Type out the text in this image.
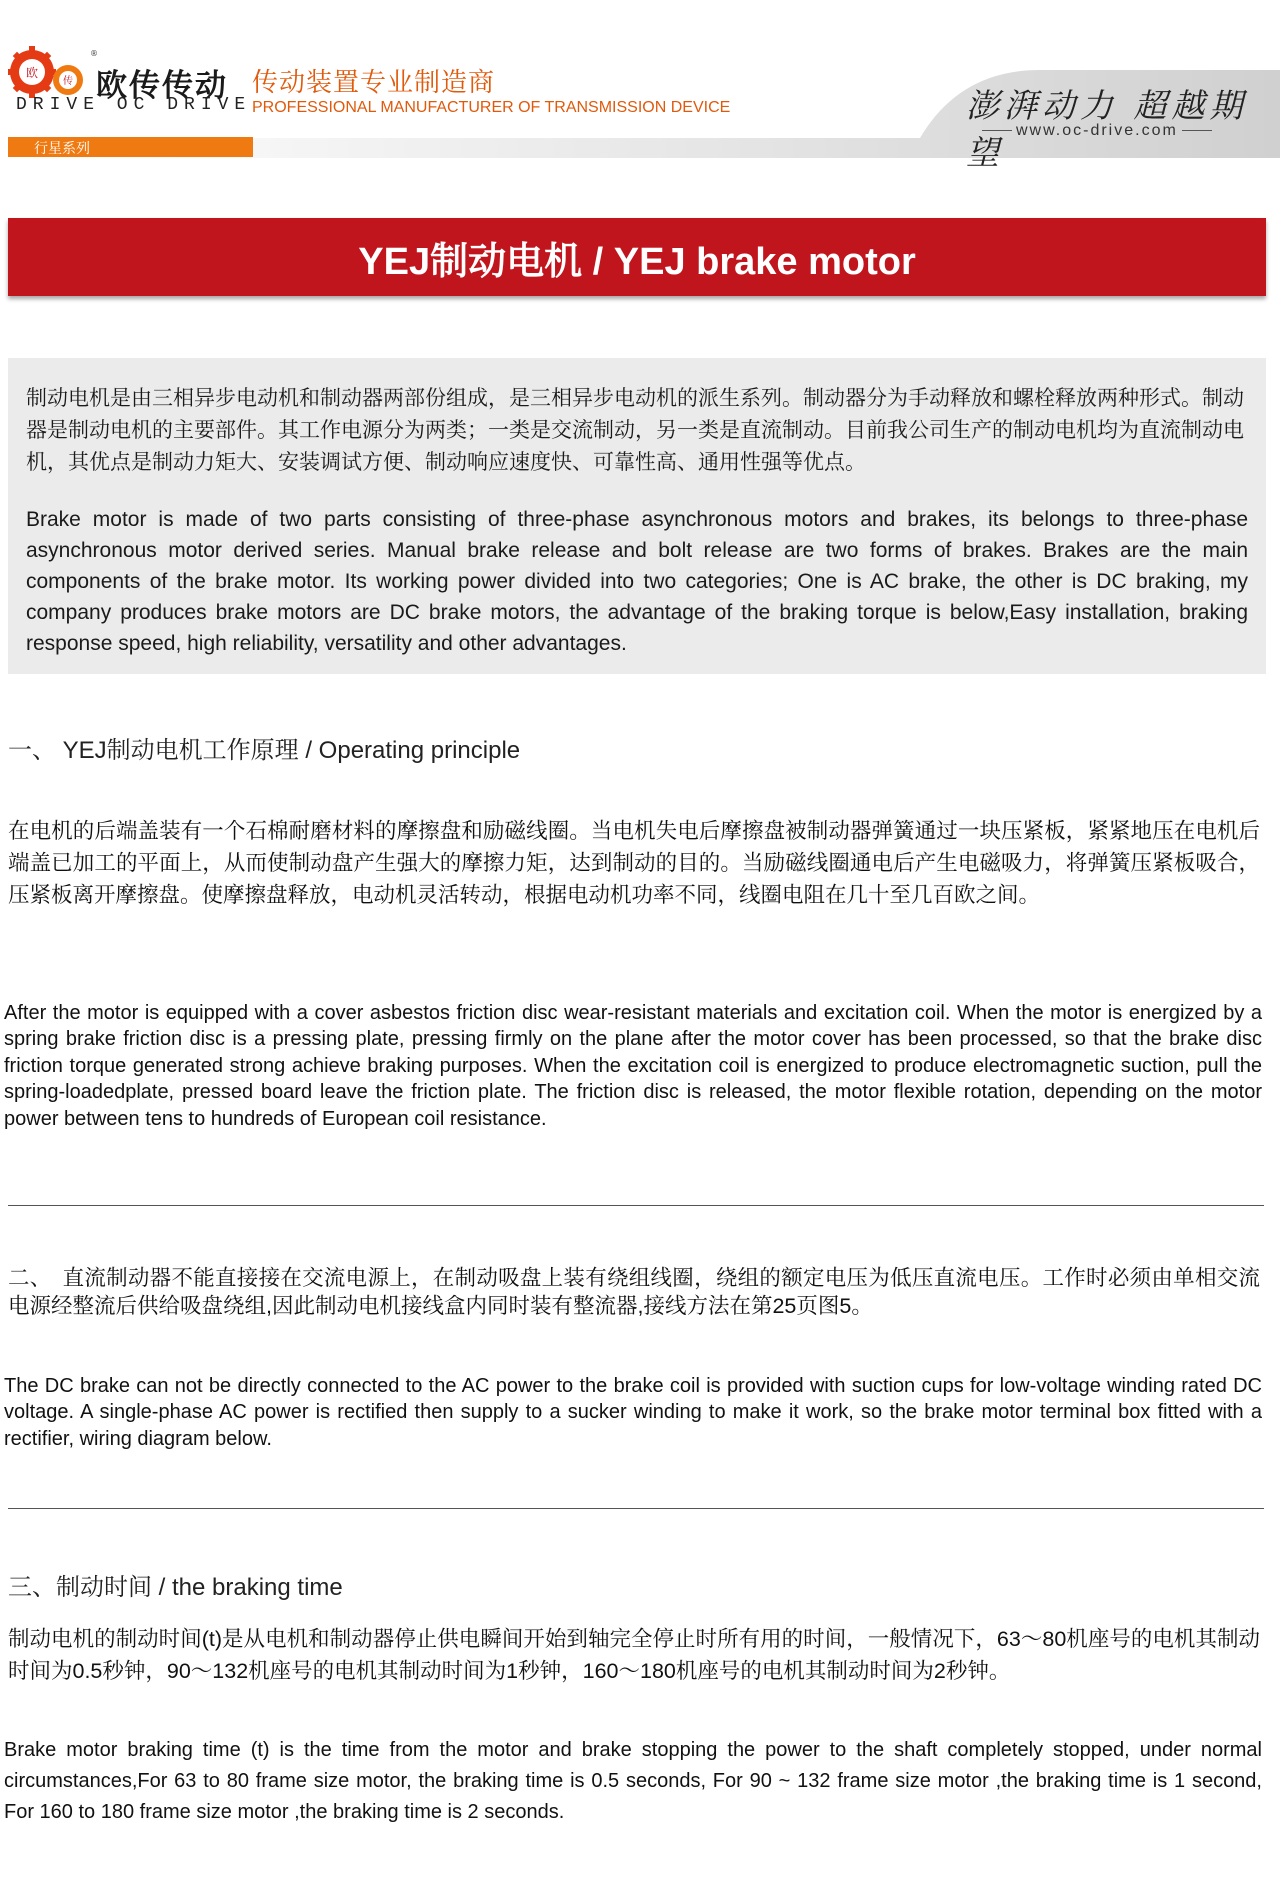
欧
传
®
欧传传动
DRIVE OC DRIVE
传动装置专业制造商
PROFESSIONAL MANUFACTURER OF TRANSMISSION DEVICE
行星系列
澎湃动力 超越期望
www.oc-drive.com
YEJ制动电机 / YEJ brake motor
制动电机是由三相异步电动机和制动器两部份组成，是三相异步电动机的派生系列。制动器分为手动释放和螺栓释放两种形式。制动器是制动电机的主要部件。其工作电源分为两类；一类是交流制动，另一类是直流制动。目前我公司生产的制动电机均为直流制动电机，其优点是制动力矩大、安装调试方便、制动响应速度快、可靠性高、通用性强等优点。
Brake motor is made of two parts consisting of three-phase asynchronous motors and brakes, its belongs to three-phase asynchronous motor derived series. Manual brake release and bolt release are two forms of brakes. Brakes are the main components of the brake motor. Its working power divided into two categories; One is AC brake, the other is DC braking, my company produces brake motors are DC brake motors, the advantage of the braking torque is below,Easy installation, braking response speed, high reliability, versatility and other advantages.
一、 YEJ制动电机工作原理 / Operating principle
在电机的后端盖装有一个石棉耐磨材料的摩擦盘和励磁线圈。当电机失电后摩擦盘被制动器弹簧通过一块压紧板，紧紧地压在电机后端盖已加工的平面上，从而使制动盘产生强大的摩擦力矩，达到制动的目的。当励磁线圈通电后产生电磁吸力，将弹簧压紧板吸合，压紧板离开摩擦盘。使摩擦盘释放，电动机灵活转动，根据电动机功率不同，线圈电阻在几十至几百欧之间。
After the motor is equipped with a cover asbestos friction disc wear-resistant materials and excitation coil. When the motor is energized by a spring brake friction disc is a pressing plate, pressing firmly on the plane after the motor cover has been processed, so that the brake disc friction torque generated strong achieve braking purposes. When the excitation coil is energized to produce electromagnetic suction, pull the spring-loadedplate, pressed board leave the friction plate. The friction disc is released, the motor flexible rotation, depending on the motor power between tens to hundreds of European coil resistance.
二、　直流制动器不能直接接在交流电源上，在制动吸盘上装有绕组线圈，绕组的额定电压为低压直流电压。工作时必须由单相交流电源经整流后供给吸盘绕组,因此制动电机接线盒内同时装有整流器,接线方法在第25页图5。
The DC brake can not be directly connected to the AC power to the brake coil is provided with suction cups for low-voltage winding rated DC voltage. A single-phase AC power is rectified then supply to a sucker winding to make it work, so the brake motor terminal box fitted with a rectifier, wiring diagram below.
三、制动时间 / the braking time
制动电机的制动时间(t)是从电机和制动器停止供电瞬间开始到轴完全停止时所有用的时间，一般情况下，63～80机座号的电机其制动时间为0.5秒钟，90～132机座号的电机其制动时间为1秒钟，160～180机座号的电机其制动时间为2秒钟。
Brake motor braking time (t) is the time from the motor and brake stopping the power to the shaft completely stopped, under normal circumstances,For 63 to 80 frame size motor, the braking time is 0.5 seconds, For 90 ~ 132 frame size motor ,the braking time is 1 second, For 160 to 180 frame size motor ,the braking time is 2 seconds.
